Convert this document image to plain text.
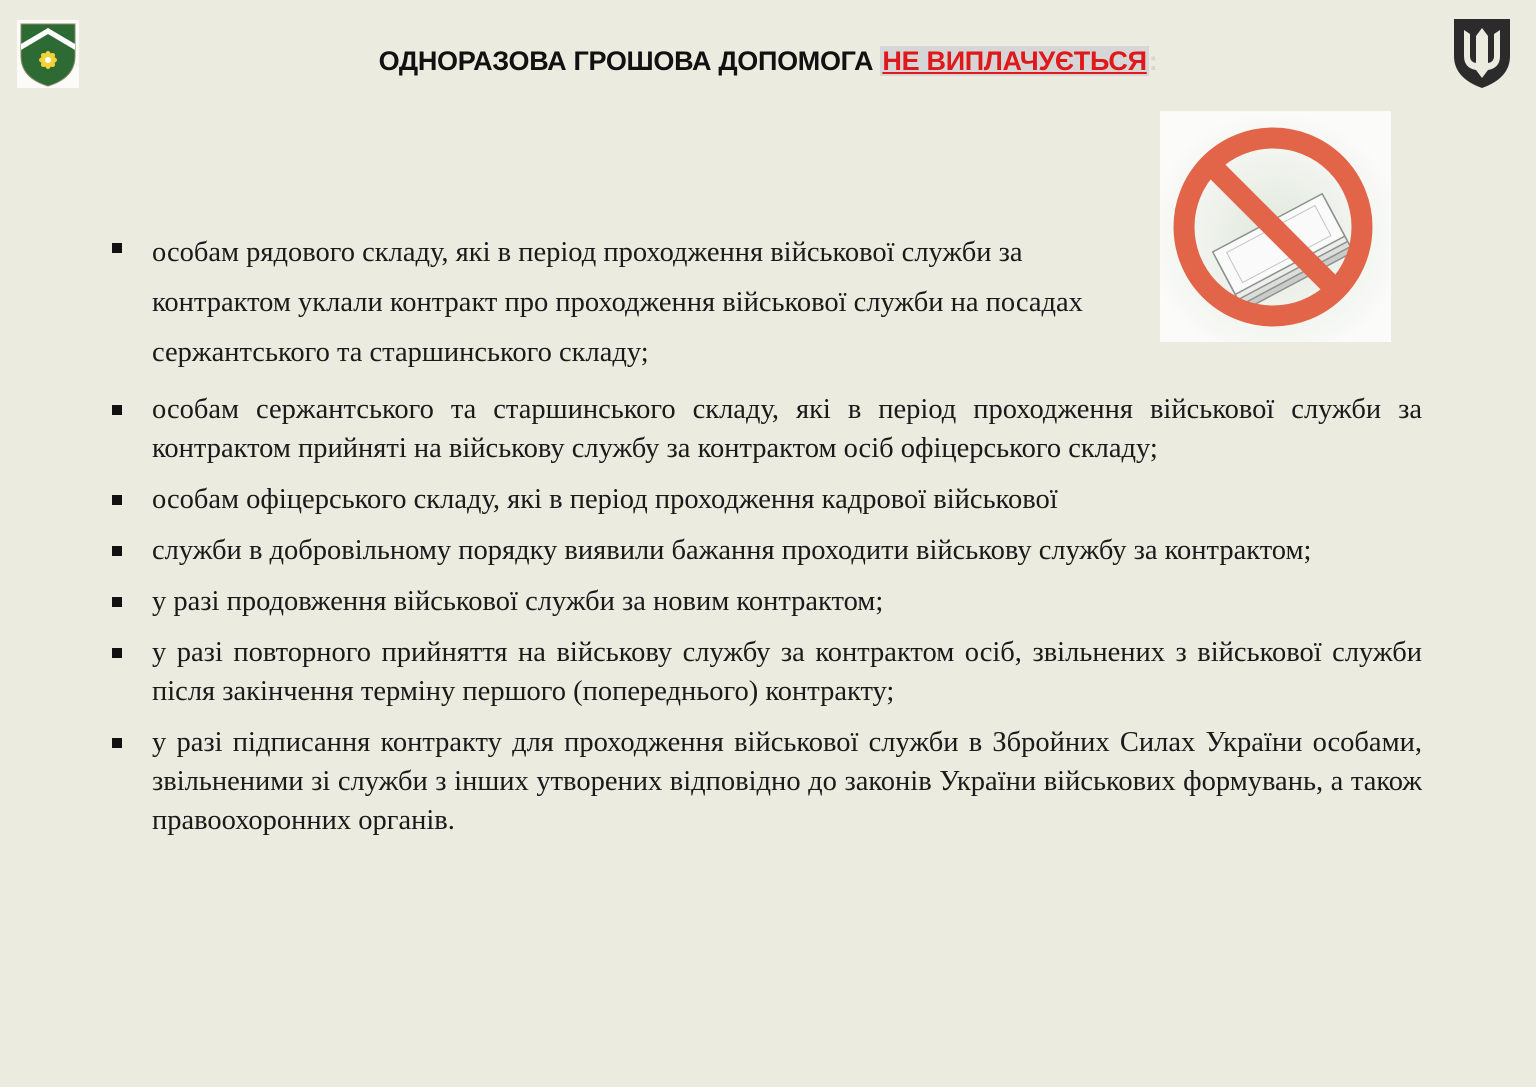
ОДНОРАЗОВА ГРОШОВА ДОПОМОГА НЕ ВИПЛАЧУЄТЬСЯ:
особам рядового складу, які в період проходження військової служби за контрактом уклали контракт про проходження військової служби на посадах сержантського та старшинського складу;
особам сержантського та старшинського складу, які в період проходження військової служби за контрактом прийняті на військову службу за контрактом осіб офіцерського складу;
особам офіцерського складу, які в період проходження кадрової військової
служби в добровільному порядку виявили бажання проходити військову службу за контрактом;
у разі продовження військової служби за новим контрактом;
у разі повторного прийняття на військову службу за контрактом осіб, звільнених з військової служби після закінчення терміну першого (попереднього) контракту;
у разі підписання контракту для проходження військової служби в Збройних Силах України особами, звільненими зі служби з інших утворених відповідно до законів України військових формувань, а також правоохоронних органів.
